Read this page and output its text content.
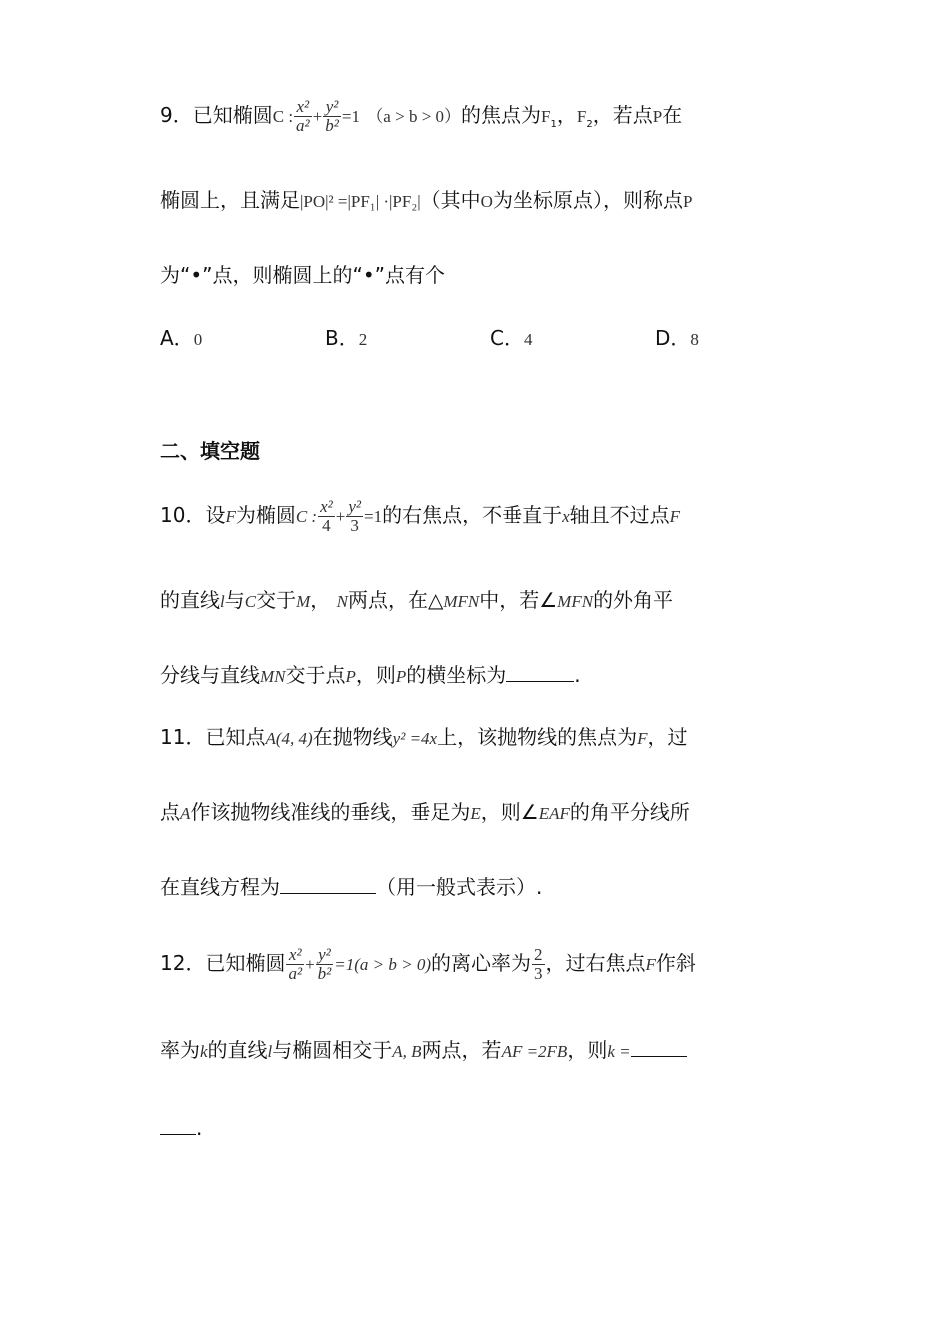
9．已知椭圆C : $\frac{\text{x²}}{\text{a²}} + \frac{\text{y²}}{\text{b²}} =1$ （a > b > 0）的焦点为$F_1$，$F_2$，若点P在
椭圆上，且满足|PO|² =|PF₁| ·|PF₂|（其中O为坐标原点），则称点P
为“•”点，则椭圆上的“•”点有个
A．0	B．2	C．4	D．8
二、填空题
10．设F为椭圆C : $\frac{\text{x²}}{4} + \frac{\text{y²}}{3} =1$的右焦点，不垂直于x轴且不过点F
的直线l与C交于M， N两点，在△MFN中，若∠MFN的外角平
分线与直线MN交于点P，则P的横坐标为	.
11．已知点A(4, 4)在抛物线y² =4x上，该抛物线的焦点为F，过
点A作该抛物线准线的垂线，垂足为E，则∠EAF的角平分线所
在直线方程为	（用一般式表示）.
12．已知椭圆 $\frac{\text{x²}}{\text{a²}} + \frac{\text{y²}}{\text{b²}} =1(a > b > 0)$的离心率为 $\frac{2}{3}$ ，过右焦点F作斜
率为k的直线l与椭圆相交于A, B两点，若AF =2FB，则k =
.
